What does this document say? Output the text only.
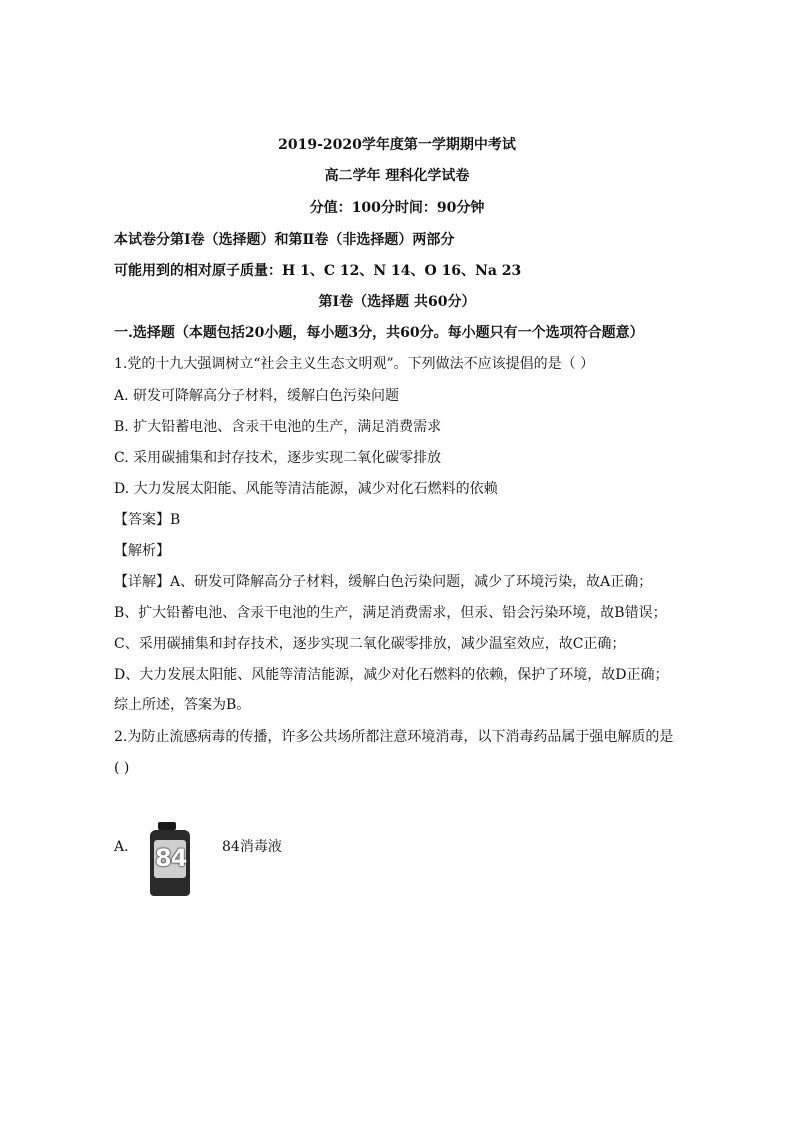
2019-2020学年度第一学期期中考试
高二学年 理科化学试卷
分值：100分时间：90分钟
本试卷分第Ⅰ卷（选择题）和第Ⅱ卷（非选择题）两部分
可能用到的相对原子质量：H 1、C 12、N 14、O 16、Na 23
第Ⅰ卷（选择题 共60分）
一.选择题（本题包括20小题，每小题3分，共60分。每小题只有一个选项符合题意）
1.党的十九大强调树立“社会主义生态文明观”。下列做法不应该提倡的是（ ）
A. 研发可降解高分子材料，缓解白色污染问题
B. 扩大铅蓄电池、含汞干电池的生产，满足消费需求
C. 采用碳捕集和封存技术，逐步实现二氧化碳零排放
D. 大力发展太阳能、风能等清洁能源，减少对化石燃料的依赖
【答案】B
【解析】
【详解】A、研发可降解高分子材料，缓解白色污染问题，减少了环境污染，故A正确；
B、扩大铅蓄电池、含汞干电池的生产，满足消费需求，但汞、铅会污染环境，故B错误；
C、采用碳捕集和封存技术，逐步实现二氧化碳零排放，减少温室效应，故C正确；
D、大力发展太阳能、风能等清洁能源，减少对化石燃料的依赖，保护了环境，故D正确；
综上所述，答案为B。
2.为防止流感病毒的传播，许多公共场所都注意环境消毒，以下消毒药品属于强电解质的是
( )
A.	84	84消毒液
